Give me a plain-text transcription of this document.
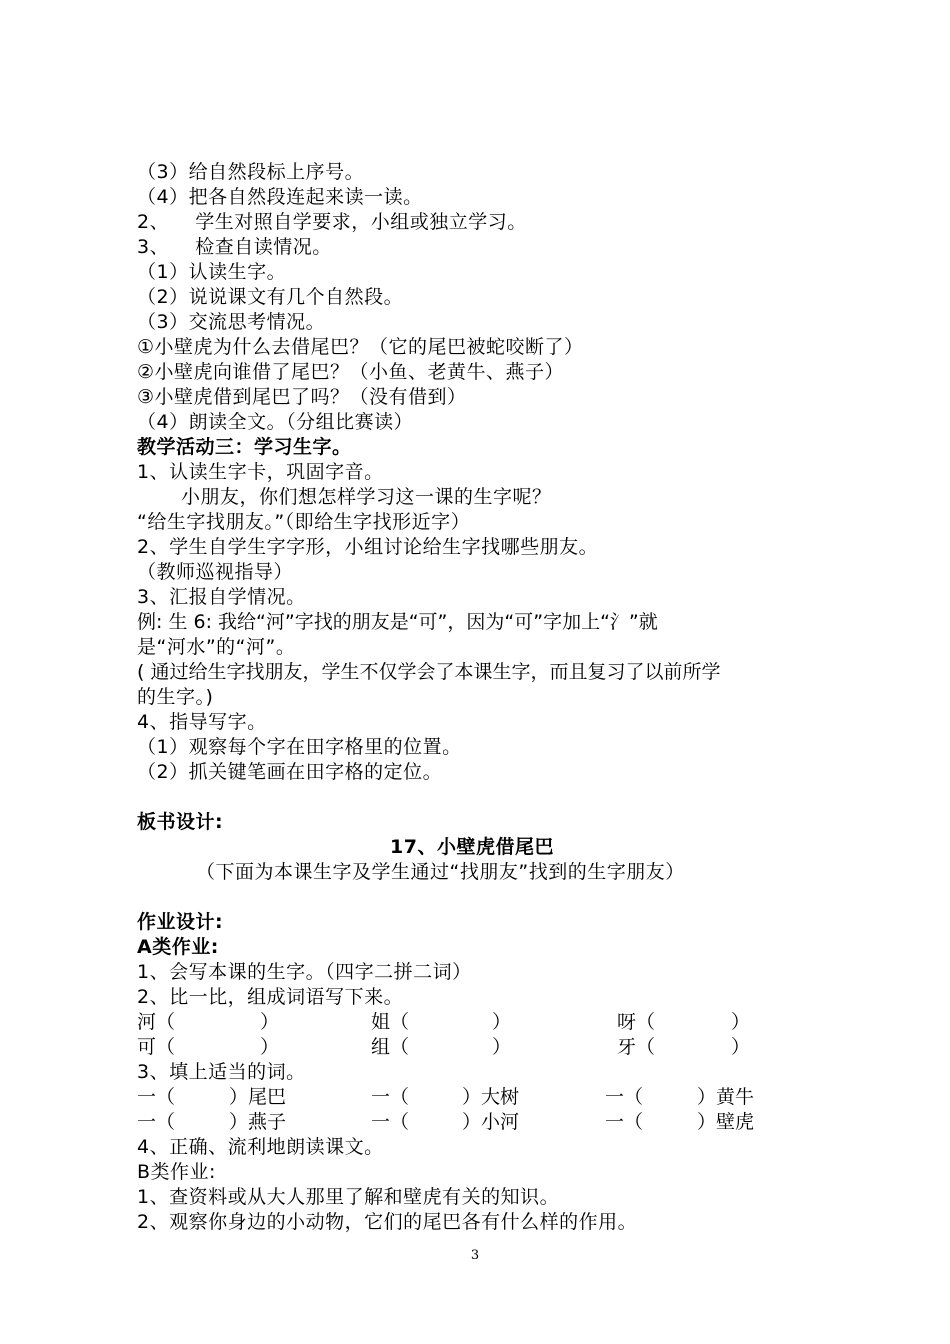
（3）给自然段标上序号。
（4）把各自然段连起来读一读。
2、    学生对照自学要求，小组或独立学习。
3、    检查自读情况。
（1）认读生字。
（2）说说课文有几个自然段。
（3）交流思考情况。
①小壁虎为什么去借尾巴？（它的尾巴被蛇咬断了）
②小壁虎向谁借了尾巴？（小鱼、老黄牛、燕子）
③小壁虎借到尾巴了吗？（没有借到）
（4）朗读全文。（分组比赛读）
教学活动三：学习生字。
1、认读生字卡，巩固字音。
小朋友，你们想怎样学习这一课的生字呢？
“给生字找朋友。”（即给生字找形近字）
2、学生自学生字字形，小组讨论给生字找哪些朋友。
（教师巡视指导）
3、汇报自学情况。
例: 生 6: 我给“河”字找的朋友是“可”，因为“可”字加上“氵”就
是“河水”的“河”。
( 通过给生字找朋友，学生不仅学会了本课生字，而且复习了以前所学
的生字。)
4、指导写字。
（1）观察每个字在田字格里的位置。
（2）抓关键笔画在田字格的定位。
板书设计:
17、小壁虎借尾巴
（下面为本课生字及学生通过“找朋友”找到的生字朋友）
作业设计:
A类作业:
1、会写本课的生字。（四字二拼二词）
2、比一比，组成词语写下来。
河（	）	姐（	）	呀（	）
可（	）	组（	）	牙（	）
3、填上适当的词。
一（	）尾巴	一（	）大树	一（	）黄牛
一（	）燕子	一（	）小河	一（	）壁虎
4、正确、流利地朗读课文。
B类作业:
1、查资料或从大人那里了解和壁虎有关的知识。
2、观察你身边的小动物，它们的尾巴各有什么样的作用。
3
